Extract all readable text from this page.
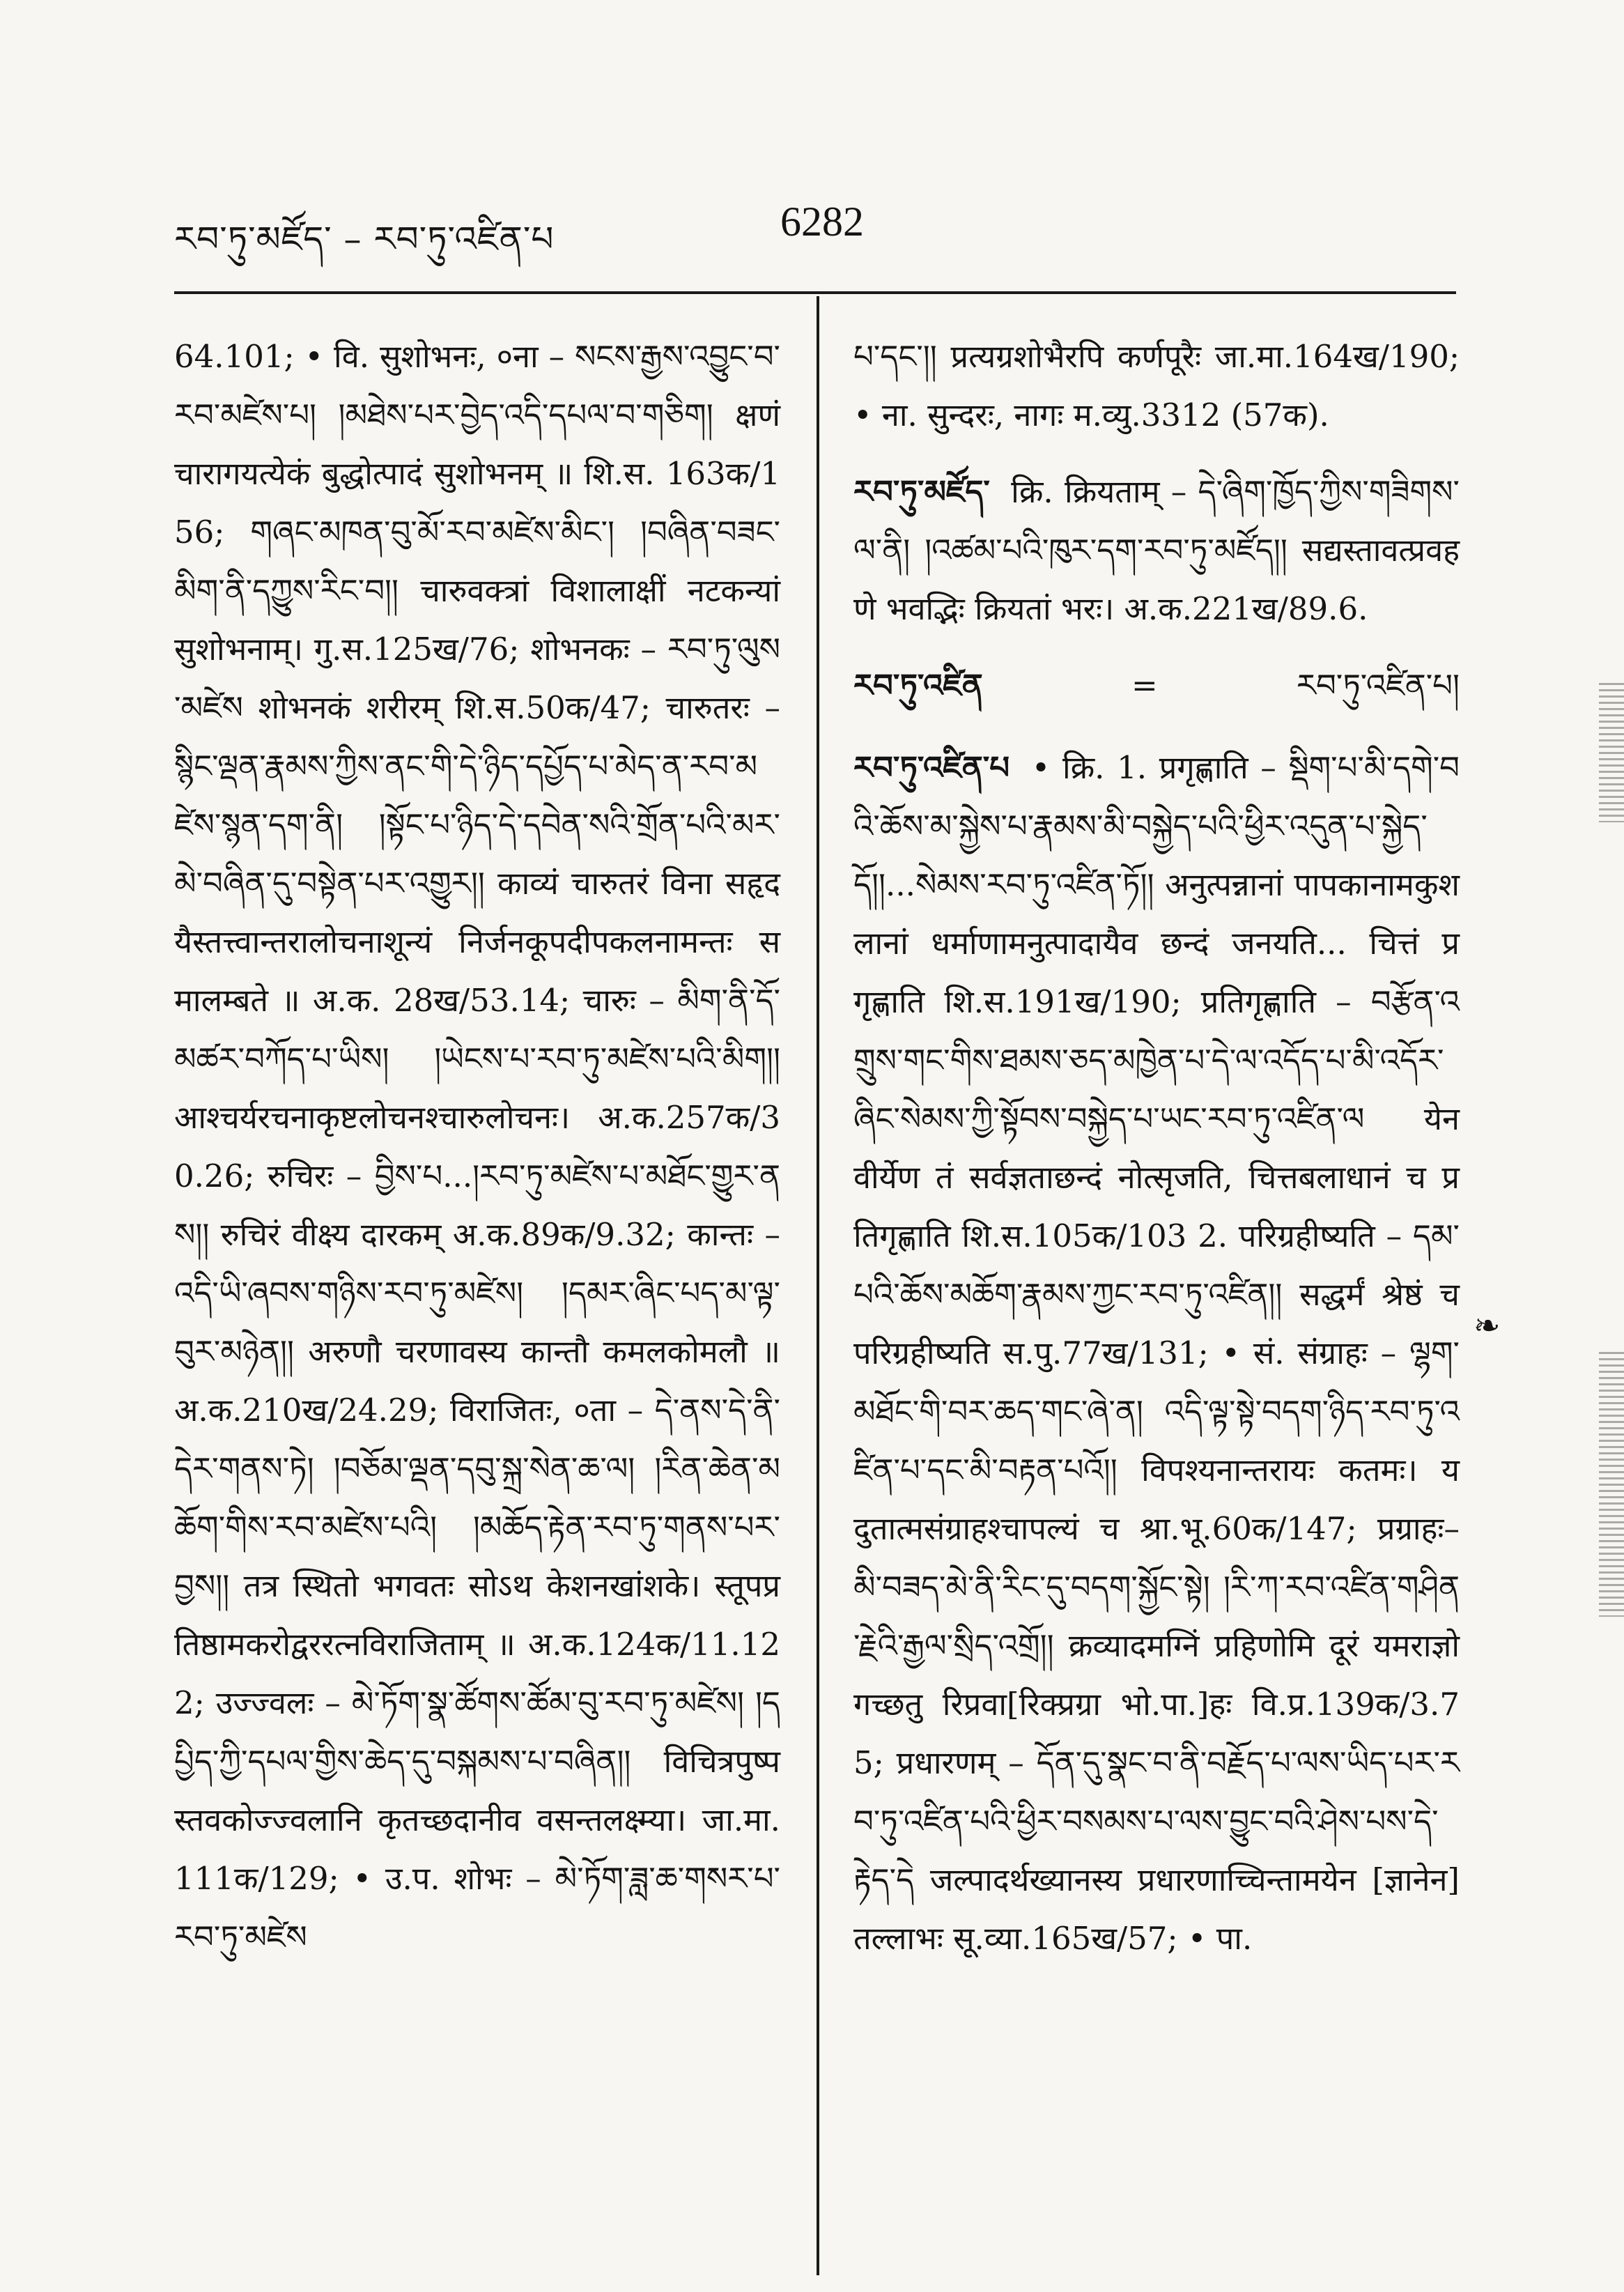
རབ་ཏུ་མཛོད་ – རབ་ཏུ་འཛིན་པ	6282

64.101; • वि. सुशोभनः, ०ना – སངས་རྒྱས་འབྱུང་བ་རབ་མཛེས་པ། །མཐེས་པར་བྱེད་འདི་དཔལ་བ་གཅིག། क्षणं चारागयत्येकं बुद्धोत्पादं सुशोभनम् ॥ शि.स. 163क/156; གཞང་མཁན་བུ་མོ་རབ་མཛེས་མིང་། །བཞིན་བཟང་མིག་ནི་དཀྱུས་རིང་བ།། चारुवक्त्रां विशालाक्षीं नटकन्यां सुशोभनाम्। गु.स.125ख/76; शोभनकः – རབ་ཏུ་ལུས་མཛེས शोभनकं शरीरम् शि.स.50क/47; चारुतरः – སྙིང་ལྡན་རྣམས་ཀྱིས་ནང་གི་དེ་ཉིད་དཔྱོད་པ་མེད་ན་རབ་མཛེས་སྙན་དག་ནི། །སྟོང་པ་ཉིད་དེ་དབེན་སའི་གྲོན་པའི་མར་མེ་བཞིན་དུ་བསྟེན་པར་འགྱུར།། काव्यं चारुतरं विना सहृदयैस्तत्त्वान्तरालोचनाशून्यं निर्जनकूपदीपकलनामन्तः समालम्बते ॥ अ.क. 28ख/53.14; चारुः – མིག་ནི་དོ་མཚར་བཀོད་པ་ཡིས། །ཡེངས་པ་རབ་ཏུ་མཛེས་པའི་མིག།། आश्चर्यरचनाकृष्टलोचनश्चारुलोचनः। अ.क.257क/30.26; रुचिरः – བྱིས་པ...།རབ་ཏུ་མཛེས་པ་མཐོང་གྱུར་ནས།། रुचिरं वीक्ष्य दारकम् अ.क.89क/9.32; कान्तः – འདི་ཡི་ཞབས་གཉིས་རབ་ཏུ་མཛེས། །དམར་ཞིང་པད་མ་ལྟ་བུར་མཉེན།། अरुणौ चरणावस्य कान्तौ कमलकोमलौ ॥ अ.क.210ख/24.29; विराजितः, ०ता – དེ་ནས་དེ་ནི་དེར་གནས་ཏེ། །བཅོམ་ལྡན་དབུ་སྐྲ་སེན་ཆ་ལ། །རིན་ཆེན་མཆོག་གིས་རབ་མཛེས་པའི། །མཆོད་རྟེན་རབ་ཏུ་གནས་པར་བྱས།། तत्र स्थितो भगवतः सोऽथ केशनखांशके। स्तूपप्रतिष्ठामकरोद्वररत्नविराजिताम् ॥ अ.क.124क/11.122; उज्ज्वलः – མེ་ཏོག་སྣ་ཚོགས་ཚོམ་བུ་རབ་ཏུ་མཛེས། །དཔྱིད་ཀྱི་དཔལ་གྱིས་ཆེད་དུ་བསྐམས་པ་བཞིན།། विचित्रपुष्पस्तवकोज्ज्वलानि कृतच्छदानीव वसन्तलक्ष्म्या। जा.मा.111क/129; • उ.प. शोभः – མེ་ཏོག་ཟླ་ཆ་གསར་པ་རབ་ཏུ་མཛེས

པ་དང་།། प्रत्यग्रशोभैरपि कर्णपूरैः जा.मा.164ख/190; • ना. सुन्दरः, नागः म.व्यु.3312 (57क).

རབ་ཏུ་མཛོད་ क्रि. क्रियताम् – དེ་ཞིག་ཁྱོད་ཀྱིས་གཟིགས་ལ་ནི། །འཚམ་པའི་ཁུར་དག་རབ་ཏུ་མཛོད།། सद्यस्तावत्प्रवहणे भवद्भिः क्रियतां भरः। अ.क.221ख/89.6.

རབ་ཏུ་འཛིན	=	རབ་ཏུ་འཛིན་པ།

རབ་ཏུ་འཛིན་པ • क्रि. 1. प्रगृह्णाति – སྡིག་པ་མི་དགེ་བའི་ཆོས་མ་སྐྱེས་པ་རྣམས་མི་བསྐྱེད་པའི་ཕྱིར་འདུན་པ་སྐྱེད་དོ།།...སེམས་རབ་ཏུ་འཛིན་ཏོ།། अनुत्पन्नानां पापकानामकुशलानां धर्माणामनुत्पादायैव छन्दं जनयति... चित्तं प्रगृह्णाति शि.स.191ख/190; प्रतिगृह्णाति – བརྩོན་འགྲུས་གང་གིས་ཐམས་ཅད་མཁྱེན་པ་དེ་ལ་འདོད་པ་མི་འདོར་ཞིང་སེམས་ཀྱི་སྟོབས་བསྐྱེད་པ་ཡང་རབ་ཏུ་འཛིན་ལ येन वीर्येण तं सर्वज्ञताछन्दं नोत्सृजति, चित्तबलाधानं च प्रतिगृह्णाति शि.स.105क/103 2. परिग्रहीष्यति – དམ་པའི་ཆོས་མཆོག་རྣམས་ཀྱང་རབ་ཏུ་འཛིན།། सद्धर्मं श्रेष्ठं च परिग्रहीष्यति स.पु.77ख/131; • सं. संग्राहः – ལྷག་མཐོང་གི་བར་ཆད་གང་ཞེ་ན། འདི་ལྟ་སྟེ་བདག་ཉིད་རབ་ཏུ་འཛིན་པ་དང་མི་བརྟན་པའོ།། विपश्यनान्तरायः कतमः। यदुतात्मसंग्राहश्चापल्यं च श्रा.भू.60क/147; प्रग्राहः– མི་བཟད་མེ་ནི་རིང་དུ་བདག་སྐྱོང་སྟེ། །རི་ཀ་རབ་འཛིན་གཤིན་རྗེའི་རྒྱལ་སྲིད་འགྲོ།། क्रव्यादमग्निं प्रहिणोमि दूरं यमराज्ञो गच्छतु रिप्रवा[रिक्प्रग्रा भो.पा.]हः वि.प्र.139क/3.75; प्रधारणम् – དོན་དུ་སྣང་བ་ནི་བརྗོད་པ་ལས་ཡིད་པར་རབ་ཏུ་འཛིན་པའི་ཕྱིར་བསམས་པ་ལས་བྱུང་བའི་ཤེས་པས་དེ་རྟེད་དེ जल्पादर्थख्यानस्य प्रधारणाच्चिन्तामयेन [ज्ञानेन] तल्लाभः सू.व्या.165ख/57; • पा.

❧
